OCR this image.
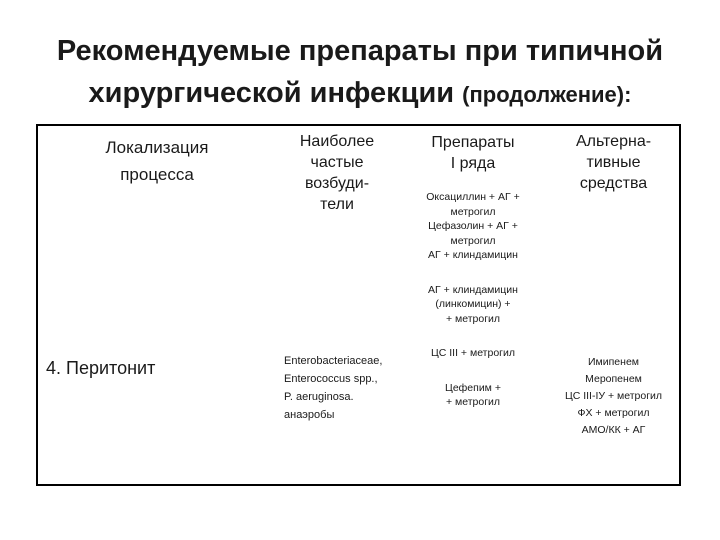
Рекомендуемые препараты при типичной
хирургической инфекции (продолжение):
Локализация
процесса
Наиболее
частые
возбуди-
тели
Препараты
I ряда
Альтерна-
тивные
средства
4. Перитонит	Enterobacteriaceae,
Enterococcus spp.,
P. aeruginosa.
анаэробы
Оксациллин + АГ +
метрогил
Цефазолин + АГ +
метрогил
АГ + клиндамицин
АГ + клиндамицин
(линкомицин) +
+ метрогил
ЦС III + метрогил
Цефепим +
+ метрогил
Имипенем
Меропенем
ЦС III-IУ + метрогил
ФХ + метрогил
АМО/КК + АГ
